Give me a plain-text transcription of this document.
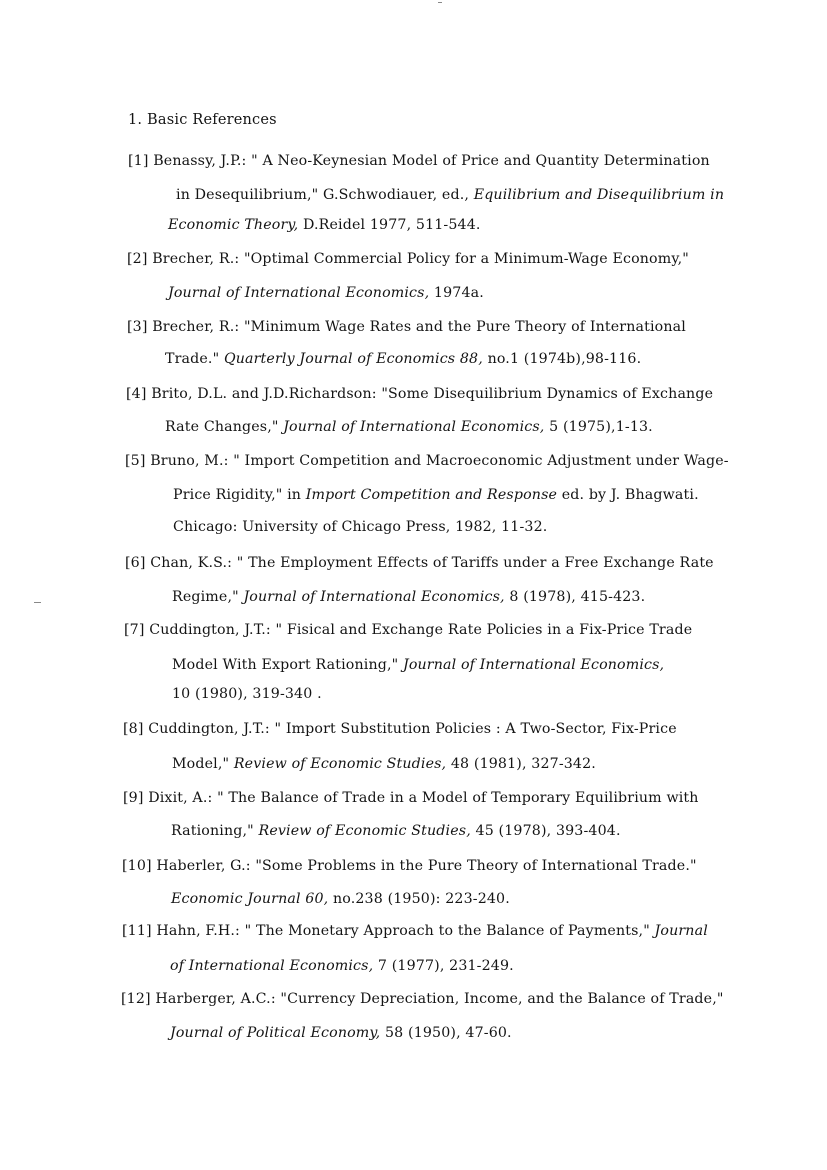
1. Basic References
[1] Benassy, J.P.: " A Neo-Keynesian Model of Price and Quantity Determination
in Desequilibrium," G.Schwodiauer, ed., Equilibrium and Disequilibrium in
Economic Theory, D.Reidel 1977, 511-544.
[2] Brecher, R.: "Optimal Commercial Policy for a Minimum-Wage Economy,"
Journal of International Economics, 1974a.
[3] Brecher, R.: "Minimum Wage Rates and the Pure Theory of International
Trade." Quarterly Journal of Economics 88, no.1 (1974b),98-116.
[4] Brito, D.L. and J.D.Richardson: "Some Disequilibrium Dynamics of Exchange
Rate Changes," Journal of International Economics, 5 (1975),1-13.
[5] Bruno, M.: " Import Competition and Macroeconomic Adjustment under Wage-
Price Rigidity," in Import Competition and Response ed. by J. Bhagwati.
Chicago: University of Chicago Press, 1982, 11-32.
[6] Chan, K.S.: " The Employment Effects of Tariffs under a Free Exchange Rate
Regime," Journal of International Economics, 8 (1978), 415-423.
[7] Cuddington, J.T.: " Fisical and Exchange Rate Policies in a Fix-Price Trade
Model With Export Rationing," Journal of International Economics,
10 (1980), 319-340 .
[8] Cuddington, J.T.: " Import Substitution Policies : A Two-Sector, Fix-Price
Model," Review of Economic Studies, 48 (1981), 327-342.
[9] Dixit, A.: " The Balance of Trade in a Model of Temporary Equilibrium with
Rationing," Review of Economic Studies, 45 (1978), 393-404.
[10] Haberler, G.: "Some Problems in the Pure Theory of International Trade."
Economic Journal 60, no.238 (1950): 223-240.
[11] Hahn, F.H.: " The Monetary Approach to the Balance of Payments," Journal
of International Economics, 7 (1977), 231-249.
[12] Harberger, A.C.: "Currency Depreciation, Income, and the Balance of Trade,"
Journal of Political Economy, 58 (1950), 47-60.
